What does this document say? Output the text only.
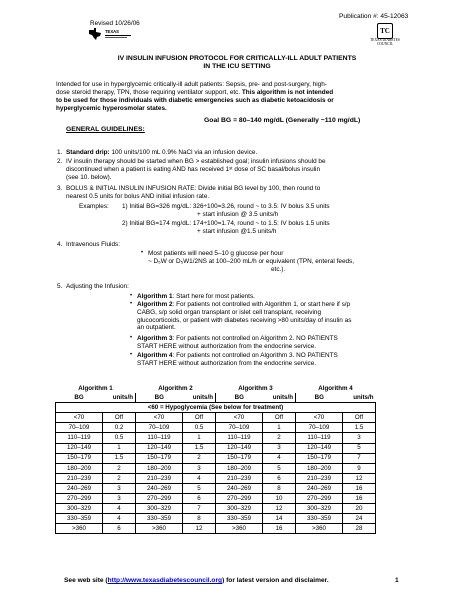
Publication #: 45-12063
Revised 10/26/06
TEXAS	TC
TEXAS DIABETES COUNCIL
IV INSULIN INFUSION PROTOCOL FOR CRITICALLY-ILL ADULT PATIENTS
IN THE ICU SETTING
Intended for use in hyperglycemic critically-ill adult patients: Sepsis, pre- and post-surgery, high-
dose steroid therapy, TPN, those requiring ventilator support, etc. This algorithm is not intended
to be used for those individuals with diabetic emergencies such as diabetic ketoacidosis or
hyperglycemic hyperosmolar states.
Goal BG = 80–140 mg/dL (Generally ~110 mg/dL)
GENERAL GUIDELINES:
1. Standard drip: 100 units/100 mL 0.9% NaCl via an infusion device.
2. IV insulin therapy should be started when BG > established goal; insulin infusions should be
discontinued when a patient is eating AND has received 1ˢᵗ dose of SC basal/bolus insulin
(see 10. below).
3. BOLUS & INITIAL INSULIN INFUSION RATE: Divide initial BG level by 100, then round to
nearest 0.5 units for bolus AND initial infusion rate.
Examples: 1) Initial BG=326 mg/dL: 326÷100=3.26, round ~ to 3.5: IV bolus 3.5 units
+ start infusion @ 3.5 units/h
2) Initial BG=174 mg/dL: 174÷100=1.74, round ~ to 1.5: IV bolus 1.5 units
+ start infusion @1.5 units/h
4. Intravenous Fluids:
• Most patients will need 5–10 g glucose per hour
~ D₅W or D₅W1/2NS at 100–200 mL/h or equivalent (TPN, enteral feeds,
etc.).
5. Adjusting the Infusion:
• Algorithm 1: Start here for most patients.
• Algorithm 2: For patients not controlled with Algorithm 1, or start here if s/p
CABG, s/p solid organ transplant or islet cell transplant, receiving
glucocorticoids, or patient with diabetes receiving >80 units/day of insulin as
an outpatient.
• Algorithm 3: For patients not controlled on Algorithm 2. NO PATIENTS
START HERE without authorization from the endocrine service.
• Algorithm 4: For patients not controlled on Algorithm 3. NO PATIENTS
START HERE without authorization from the endocrine service.
Algorithm 1		Algorithm 2		Algorithm 3		Algorithm 4	
BG	units/h	BG	units/h	BG	units/h	BG	units/h
<60 = Hypoglycemia (See below for treatment)							
<70	Off	<70	Off	<70	Off	<70	Off
70–109	0.2	70–109	0.5	70–109	1	70–109	1.5
110–119	0.5	110–119	1	110–119	2	110–119	3
120–149	1	120–149	1.5	120–149	3	120–149	5
150–179	1.5	150–179	2	150–179	4	150–179	7
180–209	2	180–209	3	180–209	5	180–209	9
210–239	2	210–239	4	210–239	6	210–239	12
240–269	3	240–269	5	240–269	8	240–269	16
270–299	3	270–299	6	270–299	10	270–299	16
300–329	4	300–329	7	300–329	12	300–329	20
330–359	4	330–359	8	330–359	14	330–359	24
>360	6	>360	12	>360	16	>360	28
See web site (http://www.texasdiabetescouncil.org) for latest version and disclaimer.	1
